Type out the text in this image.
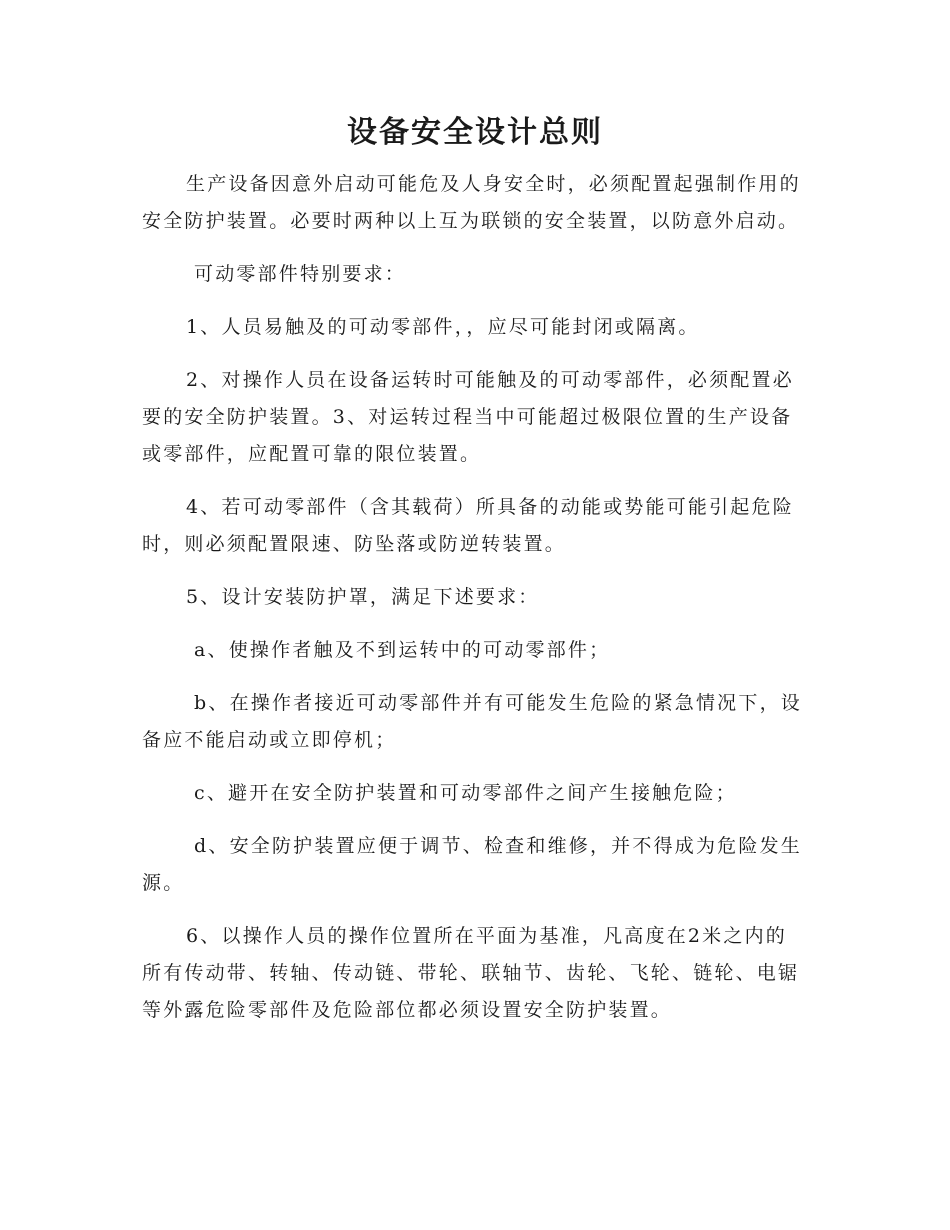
设备安全设计总则

生产设备因意外启动可能危及人身安全时，必须配置起强制作用的安全防护装置。必要时两种以上互为联锁的安全装置，以防意外启动。

可动零部件特别要求：

1、人员易触及的可动零部件，，应尽可能封闭或隔离。

2、对操作人员在设备运转时可能触及的可动零部件，必须配置必要的安全防护装置。3、对运转过程当中可能超过极限位置的生产设备或零部件，应配置可靠的限位装置。

4、若可动零部件（含其载荷）所具备的动能或势能可能引起危险时，则必须配置限速、防坠落或防逆转装置。

5、设计安装防护罩，满足下述要求：

a、使操作者触及不到运转中的可动零部件；

b、在操作者接近可动零部件并有可能发生危险的紧急情况下，设备应不能启动或立即停机；

c、避开在安全防护装置和可动零部件之间产生接触危险；

d、安全防护装置应便于调节、检查和维修，并不得成为危险发生源。

6、以操作人员的操作位置所在平面为基准，凡高度在2米之内的所有传动带、转轴、传动链、带轮、联轴节、齿轮、飞轮、链轮、电锯等外露危险零部件及危险部位都必须设置安全防护装置。
